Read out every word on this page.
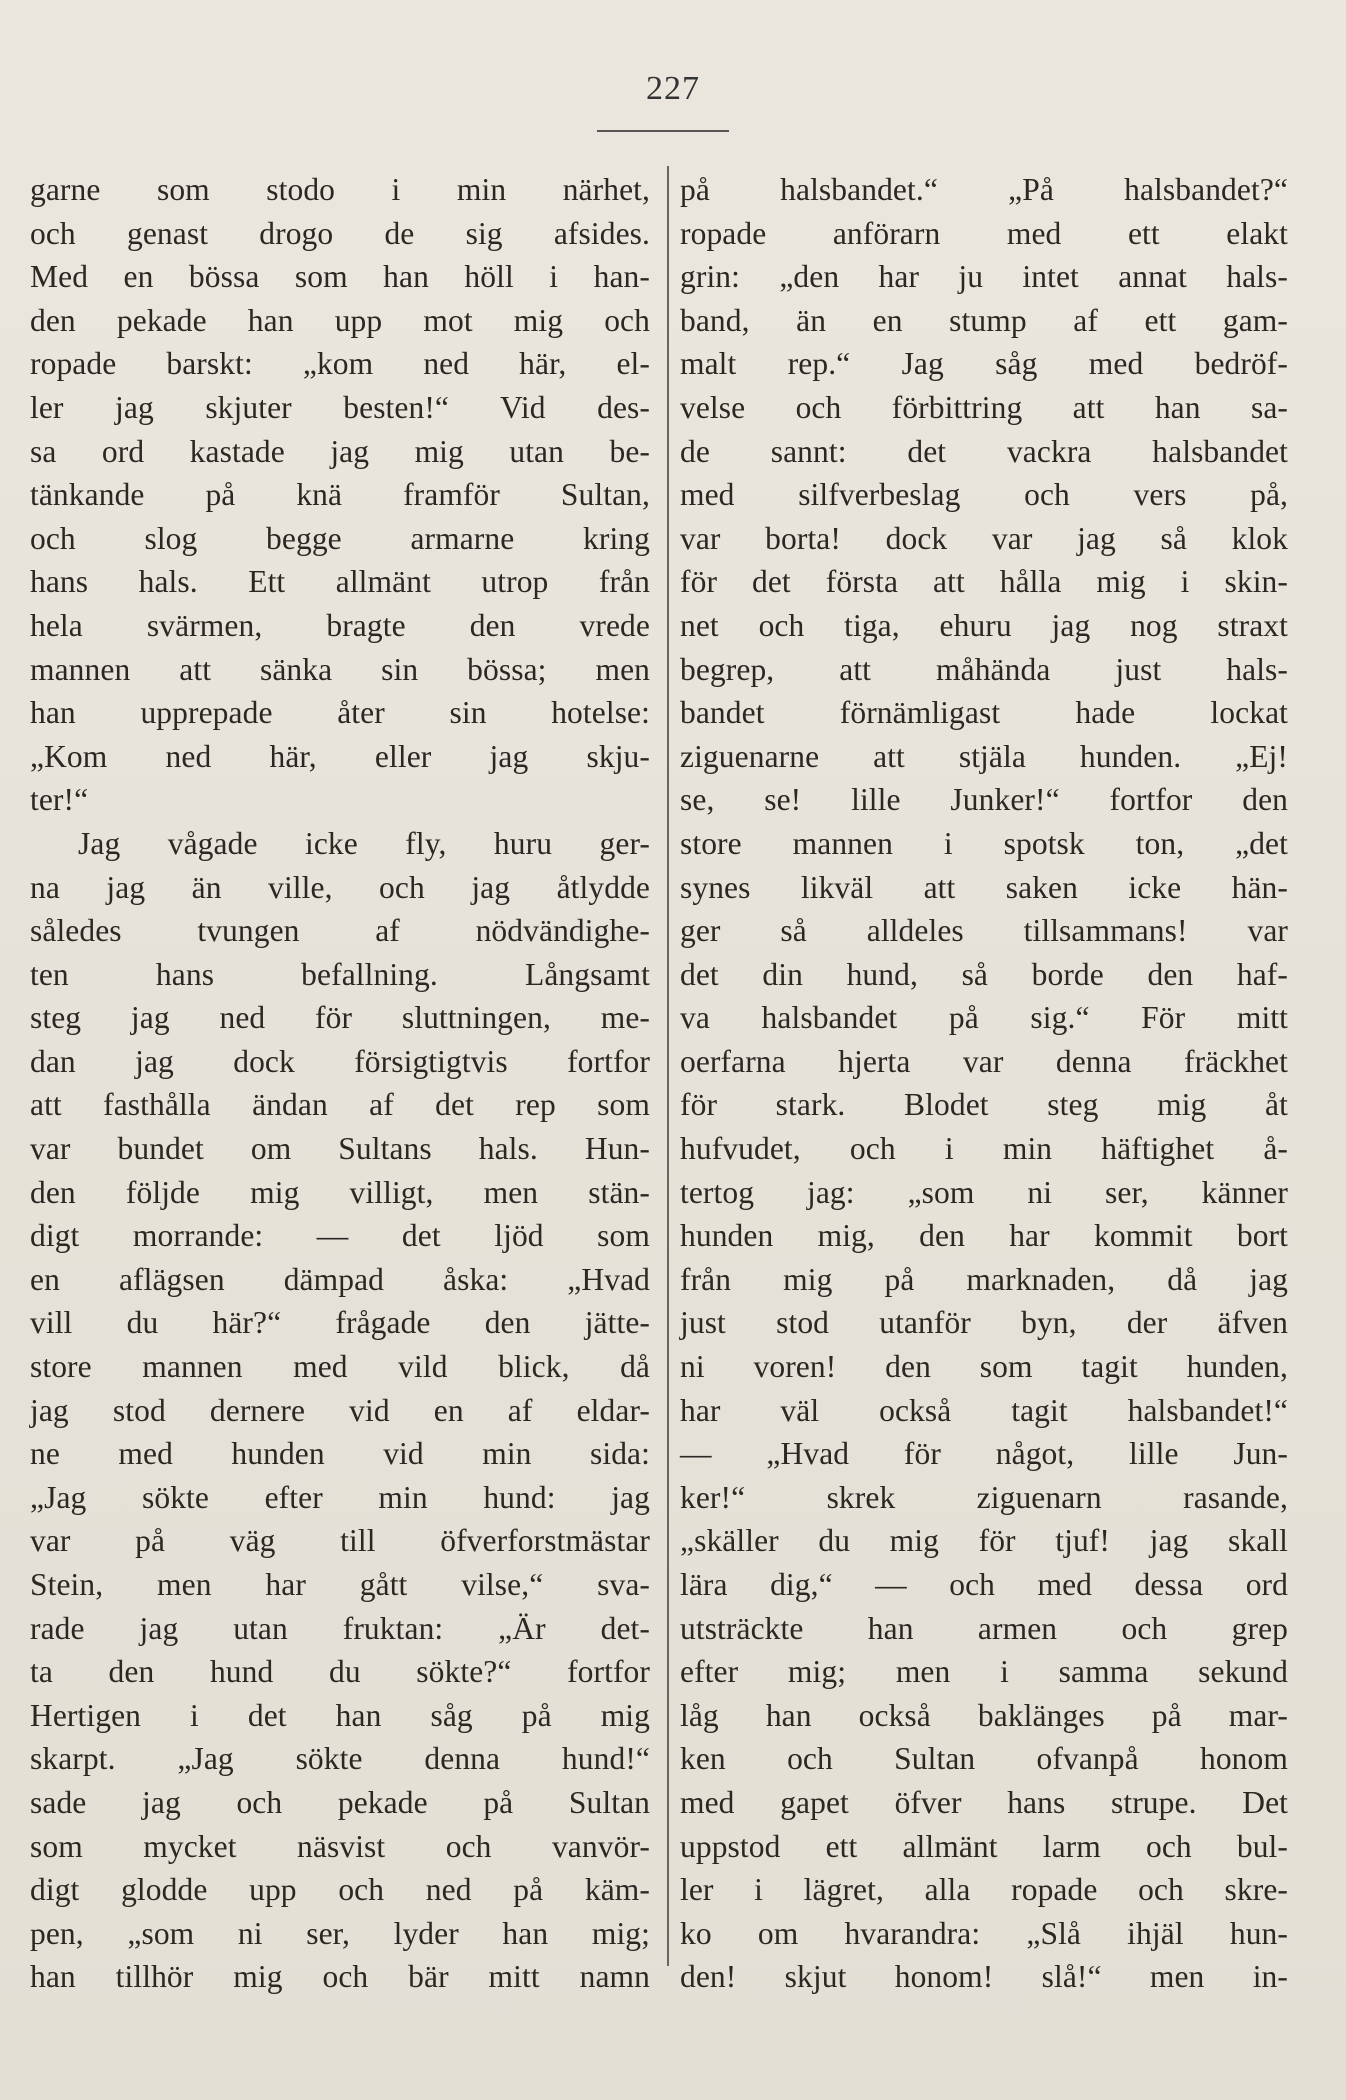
227
garne som stodo i min närhet,
och genast drogo de sig afsides.
Med en bössa som han höll i han-
den pekade han upp mot mig och
ropade barskt: „kom ned här, el-
ler jag skjuter besten!“ Vid des-
sa ord kastade jag mig utan be-
tänkande på knä framför Sultan,
och slog begge armarne kring
hans hals. Ett allmänt utrop från
hela svärmen, bragte den vrede
mannen att sänka sin bössa; men
han upprepade åter sin hotelse:
„Kom ned här, eller jag skju-
ter!“
Jag vågade icke fly, huru ger-
na jag än ville, och jag åtlydde
således tvungen af nödvändighe-
ten hans befallning. Långsamt
steg jag ned för sluttningen, me-
dan jag dock försigtigtvis fortfor
att fasthålla ändan af det rep som
var bundet om Sultans hals. Hun-
den följde mig villigt, men stän-
digt morrande: — det ljöd som
en aflägsen dämpad åska: „Hvad
vill du här?“ frågade den jätte-
store mannen med vild blick, då
jag stod dernere vid en af eldar-
ne med hunden vid min sida:
„Jag sökte efter min hund: jag
var på väg till öfverforstmästar
Stein, men har gått vilse,“ sva-
rade jag utan fruktan: „Är det-
ta den hund du sökte?“ fortfor
Hertigen i det han såg på mig
skarpt. „Jag sökte denna hund!“
sade jag och pekade på Sultan
som mycket näsvist och vanvör-
digt glodde upp och ned på käm-
pen, „som ni ser, lyder han mig;
han tillhör mig och bär mitt namn
på halsbandet.“ „På halsbandet?“
ropade anförarn med ett elakt
grin: „den har ju intet annat hals-
band, än en stump af ett gam-
malt rep.“ Jag såg med bedröf-
velse och förbittring att han sa-
de sannt: det vackra halsbandet
med silfverbeslag och vers på,
var borta! dock var jag så klok
för det första att hålla mig i skin-
net och tiga, ehuru jag nog straxt
begrep, att måhända just hals-
bandet förnämligast hade lockat
ziguenarne att stjäla hunden. „Ej!
se, se! lille Junker!“ fortfor den
store mannen i spotsk ton, „det
synes likväl att saken icke hän-
ger så alldeles tillsammans! var
det din hund, så borde den haf-
va halsbandet på sig.“ För mitt
oerfarna hjerta var denna fräckhet
för stark. Blodet steg mig åt
hufvudet, och i min häftighet å-
tertog jag: „som ni ser, känner
hunden mig, den har kommit bort
från mig på marknaden, då jag
just stod utanför byn, der äfven
ni voren! den som tagit hunden,
har väl också tagit halsbandet!“
— „Hvad för något, lille Jun-
ker!“ skrek ziguenarn rasande,
„skäller du mig för tjuf! jag skall
lära dig,“ — och med dessa ord
utsträckte han armen och grep
efter mig; men i samma sekund
låg han också baklänges på mar-
ken och Sultan ofvanpå honom
med gapet öfver hans strupe. Det
uppstod ett allmänt larm och bul-
ler i lägret, alla ropade och skre-
ko om hvarandra: „Slå ihjäl hun-
den! skjut honom! slå!“ men in-
